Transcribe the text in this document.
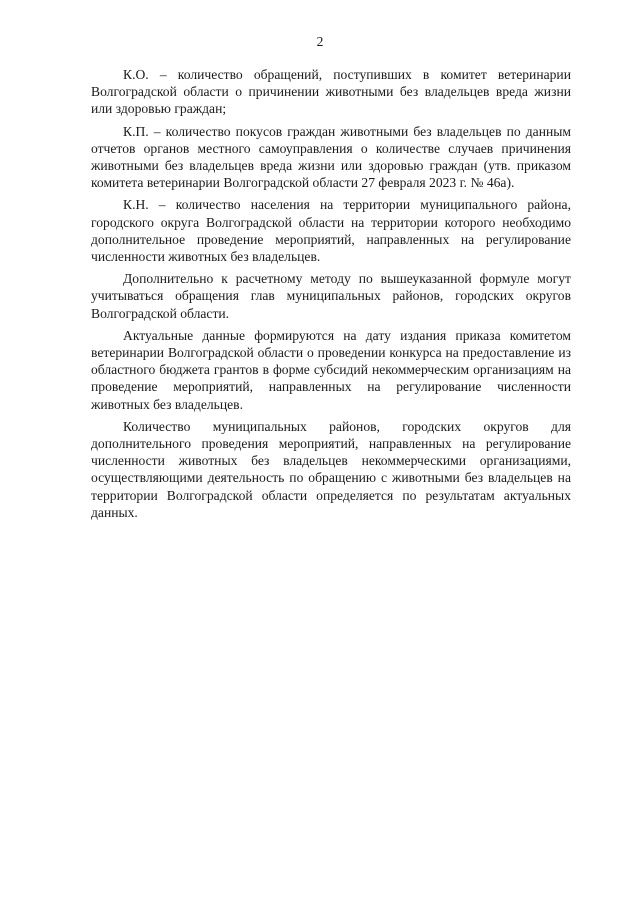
2

К.О. – количество обращений, поступивших в комитет ветеринарии Волгоградской области о причинении животными без владельцев вреда жизни или здоровью граждан;

К.П. – количество покусов граждан животными без владельцев по данным отчетов органов местного самоуправления о количестве случаев причинения животными без владельцев вреда жизни или здоровью граждан (утв. приказом комитета ветеринарии Волгоградской области 27 февраля 2023 г. № 46а).

К.Н. – количество населения на территории муниципального района, городского округа Волгоградской области на территории которого необходимо дополнительное проведение мероприятий, направленных на регулирование численности животных без владельцев.

Дополнительно к расчетному методу по вышеуказанной формуле могут учитываться обращения глав муниципальных районов, городских округов Волгоградской области.

Актуальные данные формируются на дату издания приказа комитетом ветеринарии Волгоградской области о проведении конкурса на предоставление из областного бюджета грантов в форме субсидий некоммерческим организациям на проведение мероприятий, направленных на регулирование численности животных без владельцев.

Количество муниципальных районов, городских округов для дополнительного проведения мероприятий, направленных на регулирование численности животных без владельцев некоммерческими организациями, осуществляющими деятельность по обращению с животными без владельцев на территории Волгоградской области определяется по результатам актуальных данных.
